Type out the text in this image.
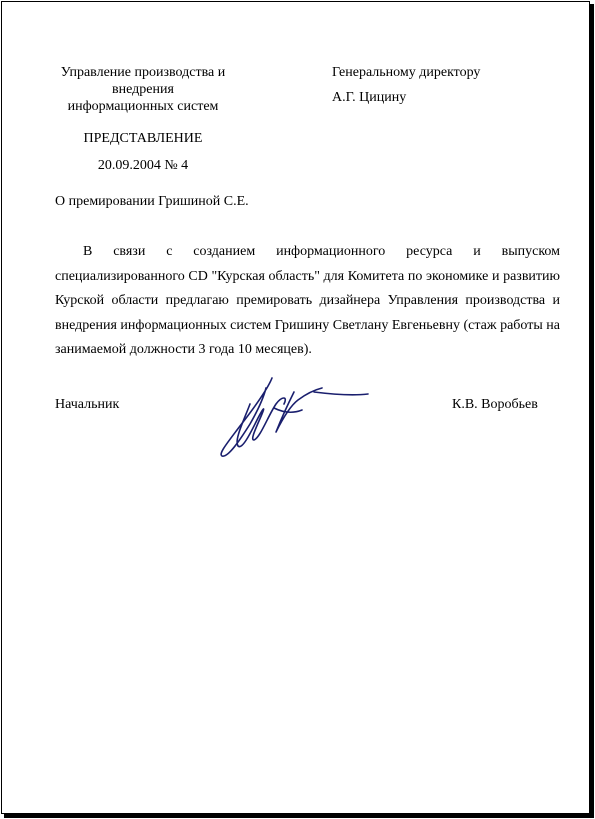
Управление производства и
внедрения
информационных систем
Генеральному директору
А.Г. Цицину
ПРЕДСТАВЛЕНИЕ
20.09.2004 № 4
О премировании Гришиной С.Е.

В связи с созданием информационного ресурса и выпуском специализированного CD "Курская область" для Комитета по экономике и развитию Курской области предлагаю премировать дизайнера Управления производства и внедрения информационных систем Гришину Светлану Евгеньевну (стаж работы на занимаемой должности 3 года 10 месяцев).

Начальник	К.В. Воробьев
